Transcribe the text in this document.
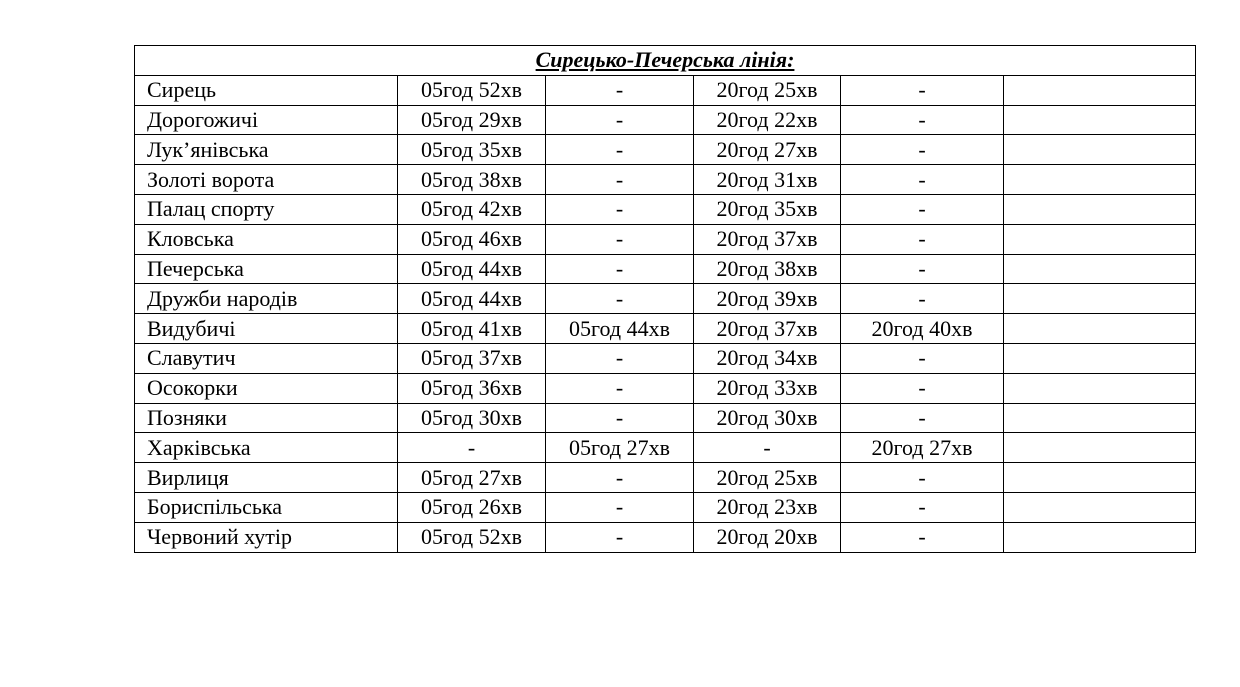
Сирецько-Печерська лінія:					
Сирець	05год 52хв	-	20год 25хв	-	
Дорогожичі	05год 29хв	-	20год 22хв	-	
Лук’янівська	05год 35хв	-	20год 27хв	-	
Золоті ворота	05год 38хв	-	20год 31хв	-	
Палац спорту	05год 42хв	-	20год 35хв	-	
Кловська	05год 46хв	-	20год 37хв	-	
Печерська	05год 44хв	-	20год 38хв	-	
Дружби народів	05год 44хв	-	20год 39хв	-	
Видубичі	05год 41хв	05год 44хв	20год 37хв	20год 40хв	
Славутич	05год 37хв	-	20год 34хв	-	
Осокорки	05год 36хв	-	20год 33хв	-	
Позняки	05год 30хв	-	20год 30хв	-	
Харківська	-	05год 27хв	-	20год 27хв	
Вирлиця	05год 27хв	-	20год 25хв	-	
Бориспільська	05год 26хв	-	20год 23хв	-	
Червоний хутір	05год 52хв	-	20год 20хв	-	
